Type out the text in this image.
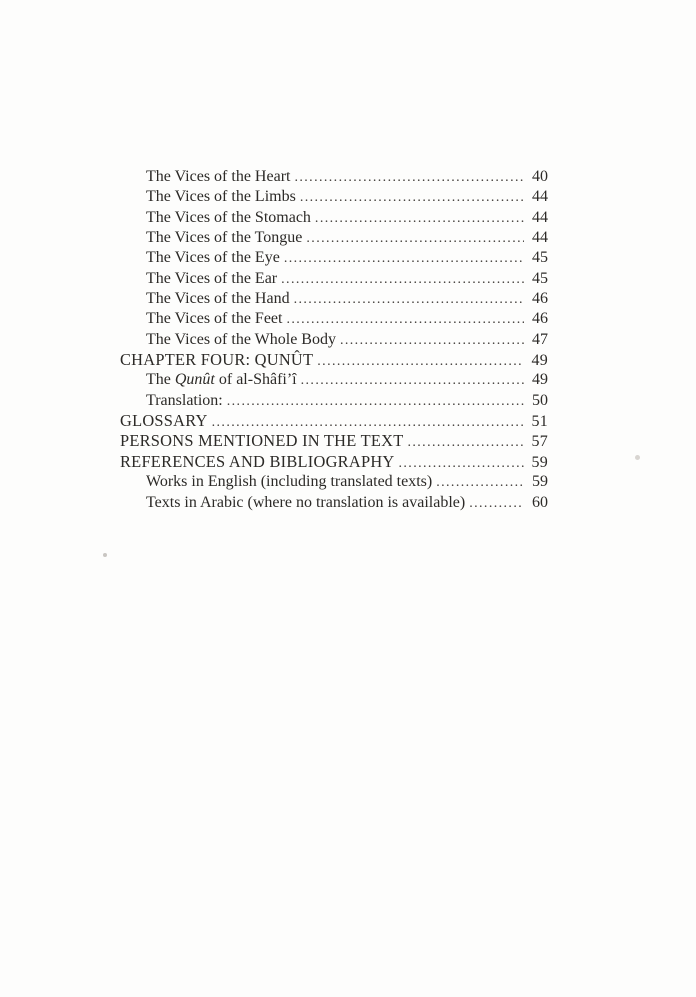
The Vices of the Heart .....	40
The Vices of the Limbs .....	44
The Vices of the Stomach .....	44
The Vices of the Tongue .....	44
The Vices of the Eye .....	45
The Vices of the Ear .....	45
The Vices of the Hand .....	46
The Vices of the Feet .....	46
The Vices of the Whole Body .....	47
CHAPTER FOUR: QUNÛT .....	49
The Qunût of al-Shâfi’î .....	49
Translation: .....	50
GLOSSARY .....	51
PERSONS MENTIONED IN THE TEXT .....	57
REFERENCES AND BIBLIOGRAPHY .....	59
Works in English (including translated texts) .....	59
Texts in Arabic (where no translation is available) .....	60
